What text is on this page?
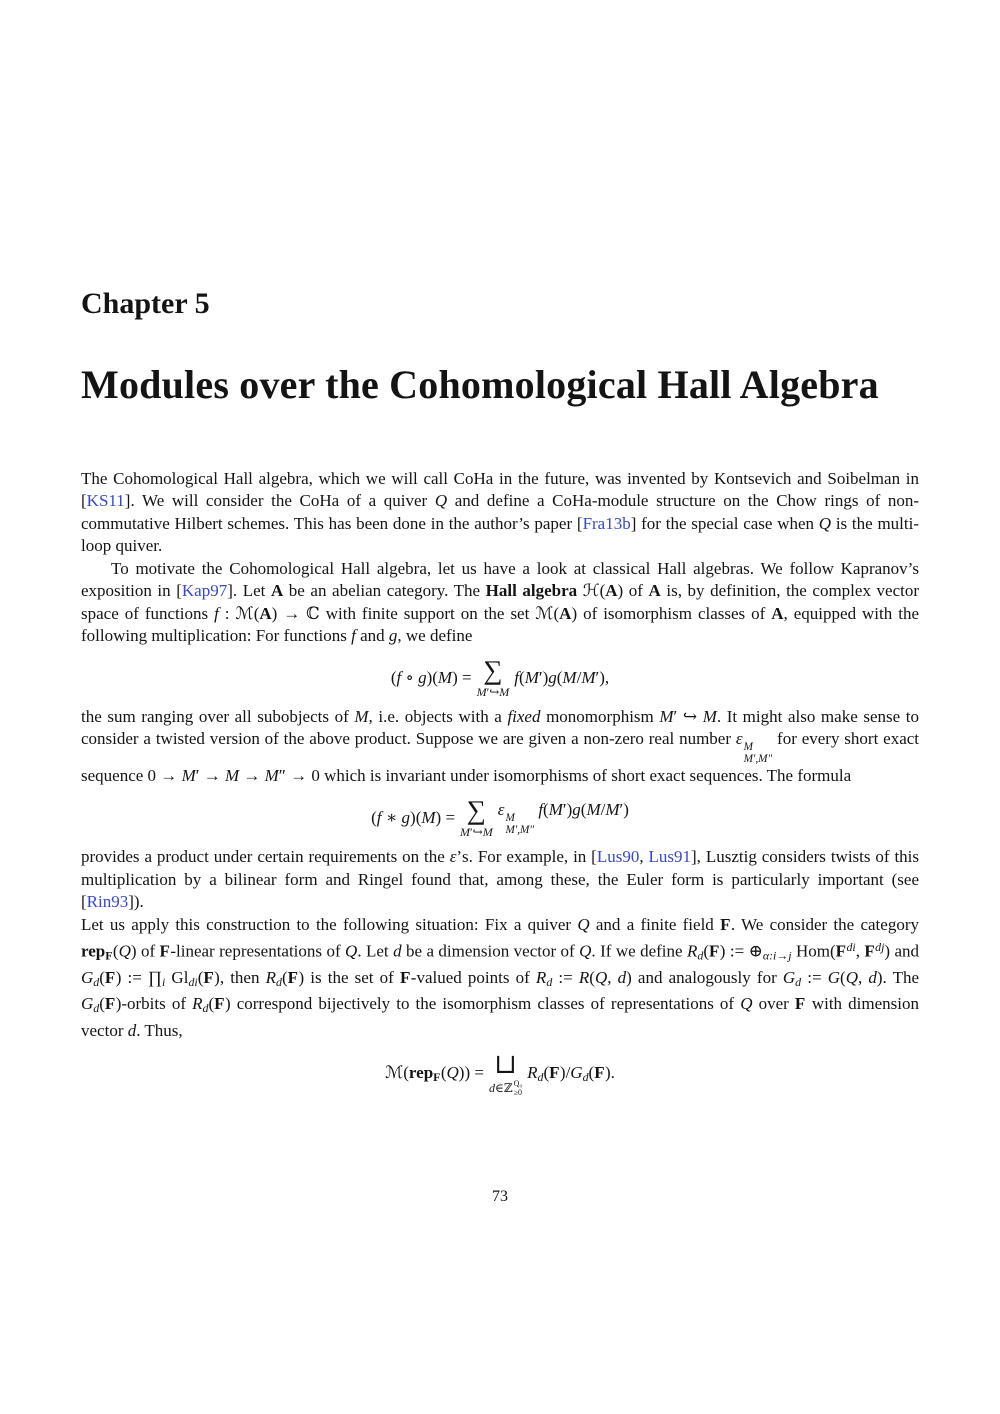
Chapter 5
Modules over the Cohomological Hall Algebra

The Cohomological Hall algebra, which we will call CoHa in the future, was invented by Kontsevich and Soibelman in [KS11]. We will consider the CoHa of a quiver Q and define a CoHa-module structure on the Chow rings of non-commutative Hilbert schemes. This has been done in the author’s paper [Fra13b] for the special case when Q is the multi-loop quiver.

To motivate the Cohomological Hall algebra, let us have a look at classical Hall algebras. We follow Kapranov’s exposition in [Kap97]. Let A be an abelian category. The Hall algebra ℋ(A) of A is, by definition, the complex vector space of functions f : ℳ(A) → ℂ with finite support on the set ℳ(A) of isomorphism classes of A, equipped with the following multiplication: For functions f and g, we define

(f ∘ g)(M) = ∑
M ′ ↪ M
f(M′)g(M/M′),

the sum ranging over all subobjects of M, i.e. objects with a fixed monomorphism M′ ↪ M. It might also make sense to consider a twisted version of the above product. Suppose we are given a non-zero real number ε M
M′,M″
for every short exact sequence 0 → M′ → M → M″ → 0 which is invariant under isomorphisms of short exact sequences. The formula

(f ∗ g)(M) = ∑
M ′ ↪ M
ε M
M′,M″
f(M′)g(M/M′)

provides a product under certain requirements on the ε’s. For example, in [Lus90, Lus91], Lusztig considers twists of this multiplication by a bilinear form and Ringel found that, among these, the Euler form is particularly important (see [Rin93]).

Let us apply this construction to the following situation: Fix a quiver Q and a finite field F. We consider the category rep$_F$(Q) of F-linear representations of Q. Let d be a dimension vector of Q. If we define $R_d(F)$ := $\oplus_{\alpha:i\to j}$ $Hom(F^{di}$, $F^{dj}$) and $G_d(F)$ := $\prod_i$ $Gl_{di}(F)$, then $R_d(F)$ is the set of F-valued points of $R_d$ := R(Q, d) and analogously for $G_d$ := G(Q, d). The $G_d(F)$-orbits of $R_d(F)$ correspond bijectively to the isomorphism classes of representations of Q over F with dimension vector d. Thus,

ℳ(rep$_F$(Q)) = ⊔
d ∈ ℤ Q₀
≥0
$R_d(F)/G_d(F)$.
73
